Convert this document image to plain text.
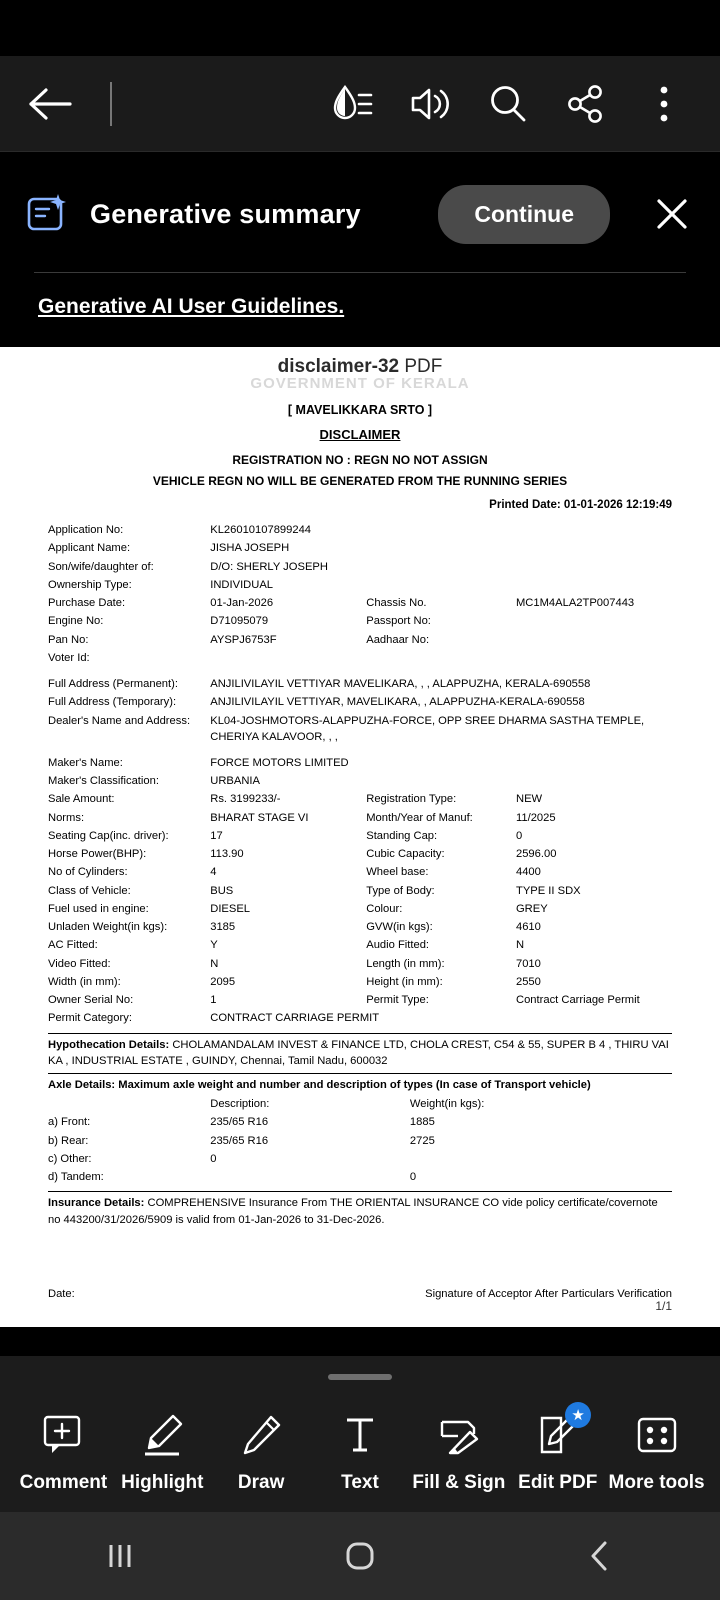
Generative summary	Continue
Generative AI User Guidelines.
GOVERNMENT OF KERALA
disclaimer-32 PDF
[ MAVELIKKARA SRTO ]
DISCLAIMER
REGISTRATION NO : REGN NO NOT ASSIGN
VEHICLE REGN NO WILL BE GENERATED FROM THE RUNNING SERIES
Printed Date: 01-01-2026 12:19:49
Application No:	KL26010107899244		
Applicant Name:	JISHA JOSEPH		
Son/wife/daughter of:	D/O: SHERLY JOSEPH		
Ownership Type:	INDIVIDUAL		
Purchase Date:	01-Jan-2026	Chassis No.	MC1M4ALA2TP007443
Engine No:	D71095079	Passport No:	
Pan No:	AYSPJ6753F	Aadhaar No:	
Voter Id:			
Full Address (Permanent):	ANJILIVILAYIL VETTIYAR MAVELIKARA, , , ALAPPUZHA, KERALA-690558
Full Address (Temporary):	ANJILIVILAYIL VETTIYAR, MAVELIKARA, , ALAPPUZHA-KERALA-690558
Dealer's Name and Address:	KL04-JOSHMOTORS-ALAPPUZHA-FORCE, OPP SREE DHARMA SASTHA TEMPLE, CHERIYA KALAVOOR, , ,
Maker's Name:	FORCE MOTORS LIMITED		
Maker's Classification:	URBANIA		
Sale Amount:	Rs. 3199233/-	Registration Type:	NEW
Norms:	BHARAT STAGE VI	Month/Year of Manuf:	11/2025
Seating Cap(inc. driver):	17	Standing Cap:	0
Horse Power(BHP):	113.90	Cubic Capacity:	2596.00
No of Cylinders:	4	Wheel base:	4400
Class of Vehicle:	BUS	Type of Body:	TYPE II SDX
Fuel used in engine:	DIESEL	Colour:	GREY
Unladen Weight(in kgs):	3185	GVW(in kgs):	4610
AC Fitted:	Y	Audio Fitted:	N
Video Fitted:	N	Length (in mm):	7010
Width (in mm):	2095	Height (in mm):	2550
Owner Serial No:	1	Permit Type:	Contract Carriage Permit
Permit Category:	CONTRACT CARRIAGE PERMIT		
Hypothecation Details: CHOLAMANDALAM INVEST & FINANCE LTD, CHOLA CREST, C54 & 55, SUPER B 4 , THIRU VAI KA , INDUSTRIAL ESTATE , GUINDY, Chennai, Tamil Nadu, 600032
Axle Details: Maximum axle weight and number and description of types (In case of Transport vehicle)
	Description:	Weight(in kgs):
a) Front:	235/65 R16	1885
b) Rear:	235/65 R16	2725
c) Other:	0	
d) Tandem:		0
Insurance Details: COMPREHENSIVE Insurance From THE ORIENTAL INSURANCE CO vide policy certificate/covernote no 443200/31/2026/5909 is valid from 01-Jan-2026 to 31-Dec-2026.
Date:	Signature of Acceptor After Particulars Verification
1/1
Comment Highlight	Draw	Text	Fill & Sign
★
Edit PDF More tools
